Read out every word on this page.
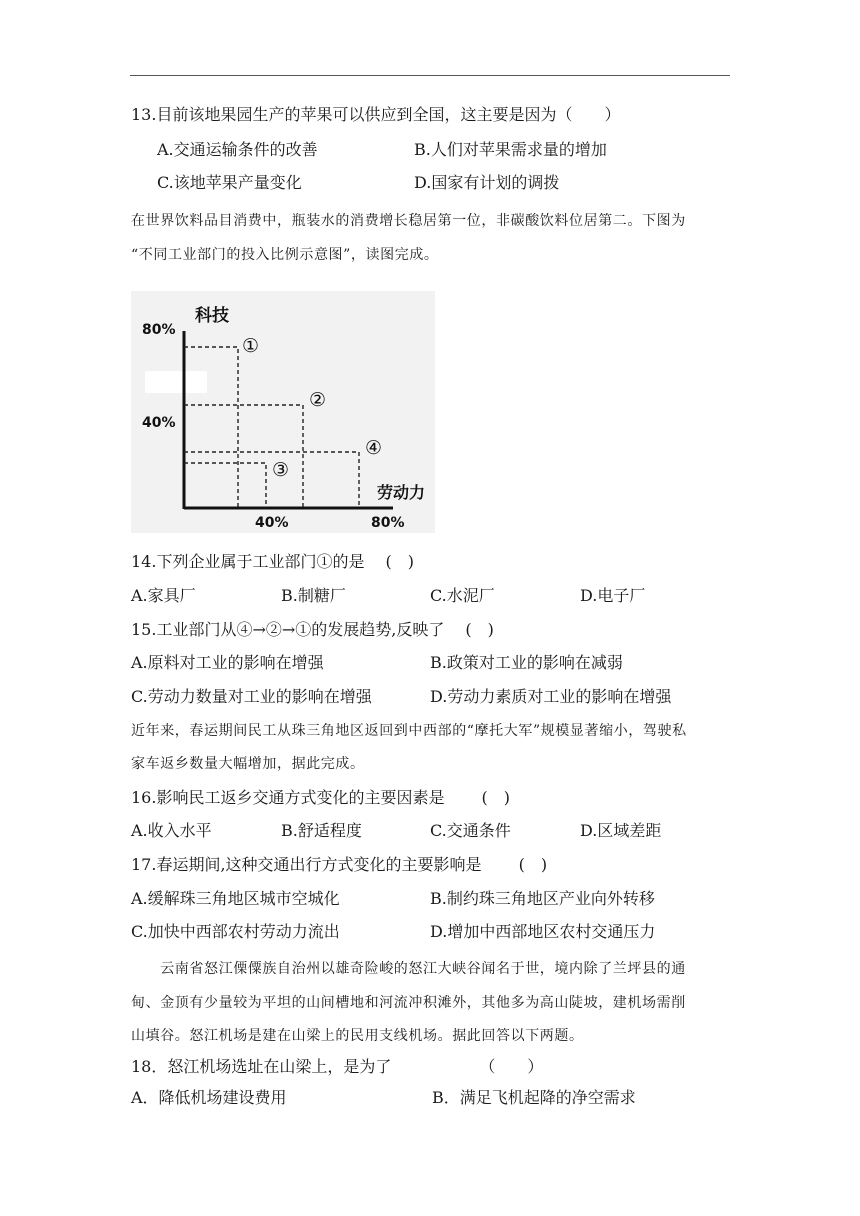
13.目前该地果园生产的苹果可以供应到全国，这主要是因为（　　）
A.交通运输条件的改善	B.人们对苹果需求量的增加
C.该地苹果产量变化	D.国家有计划的调拨
在世界饮料品目消费中，瓶装水的消费增长稳居第一位，非碳酸饮料位居第二。下图为
“不同工业部门的投入比例示意图”，读图完成。
科技
劳动力
80%
40%
40%	80%
①
②
③
④
14.下列企业属于工业部门①的是　 (　)
A.家具厂	B.制糖厂	C.水泥厂	D.电子厂
15.工业部门从④→②→①的发展趋势,反映了　 (　)
A.原料对工业的影响在增强	B.政策对工业的影响在减弱
C.劳动力数量对工业的影响在增强	D.劳动力素质对工业的影响在增强
近年来，春运期间民工从珠三角地区返回到中西部的“摩托大军”规模显著缩小，驾驶私
家车返乡数量大幅增加，据此完成。
16.影响民工返乡交通方式变化的主要因素是　　 (　)
A.收入水平	B.舒适程度	C.交通条件	D.区域差距
17.春运期间,这种交通出行方式变化的主要影响是　　 (　)
A.缓解珠三角地区城市空城化	B.制约珠三角地区产业向外转移
C.加快中西部农村劳动力流出	D.增加中西部地区农村交通压力
　　云南省怒江傈僳族自治州以雄奇险峻的怒江大峡谷闻名于世，境内除了兰坪县的通
甸、金顶有少量较为平坦的山间槽地和河流冲积滩外，其他多为高山陡坡，建机场需削
山填谷。怒江机场是建在山梁上的民用支线机场。据此回答以下两题。
18．怒江机场选址在山梁上，是为了　　　　　　（　　）
A．降低机场建设费用	B．满足飞机起降的净空需求
